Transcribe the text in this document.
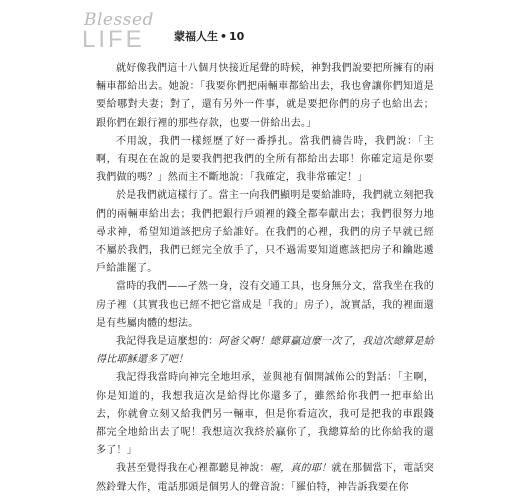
Blessed
LIFE	蒙福人生 • 10

就好像我們這十八個月快接近尾聲的時候，神對我們說要把所擁有的兩輛車都給出去。她說：「我要你們把兩輛車都給出去，我也會讓你們知道是要給哪對夫妻；對了，還有另外一件事，就是要把你們的房子也給出去；跟你們在銀行裡的那些存款，也要一併給出去。」

不用說，我們一樣經歷了好一番掙扎。當我們禱告時，我們說：「主啊，有現在在說的是要我們把我們的全所有都給出去耶！你確定這是你要我們做的嗎？」然而主不斷地說：「我確定，我非常確定！」

於是我們就這樣行了。當主一向我們顯明是要給誰時，我們就立刻把我們的兩輛車給出去；我們把銀行戶頭裡的錢全都奉獻出去；我們很努力地尋求神，希望知道該把房子給誰好。在我們的心裡，我們的房子早就已經不屬於我們，我們已經完全放手了，只不過需要知道應該把房子和鑰匙遞戶給誰罷了。

當時的我們——孑然一身，沒有交通工具，也身無分文，當我坐在我的房子裡（其實我也已經不把它當成是「我的」房子），說實話，我的裡面還是有些屬肉體的想法。

我記得我是這麼想的：阿爸父啊！總算贏這麼一次了，我這次總算是給得比耶穌還多了吧！

我記得我當時向神完全地坦承，並與祂有個開誠佈公的對話：「主啊，你是知道的，我想我這次是給得比你還多了，雖然給你我們一把車給出去，你就會立刻又給我們另一輛車，但是你看這次，我可是把我的車跟錢都完全地給出去了呢！我想這次我終於贏你了，我總算給的比你給我的還多了！」

我甚至覺得我在心裡都聽見神說：喔，真的耶！就在那個當下，電話突然鈴聲大作，電話那頭是個男人的聲音說：「羅伯特，神告訴我要在你
